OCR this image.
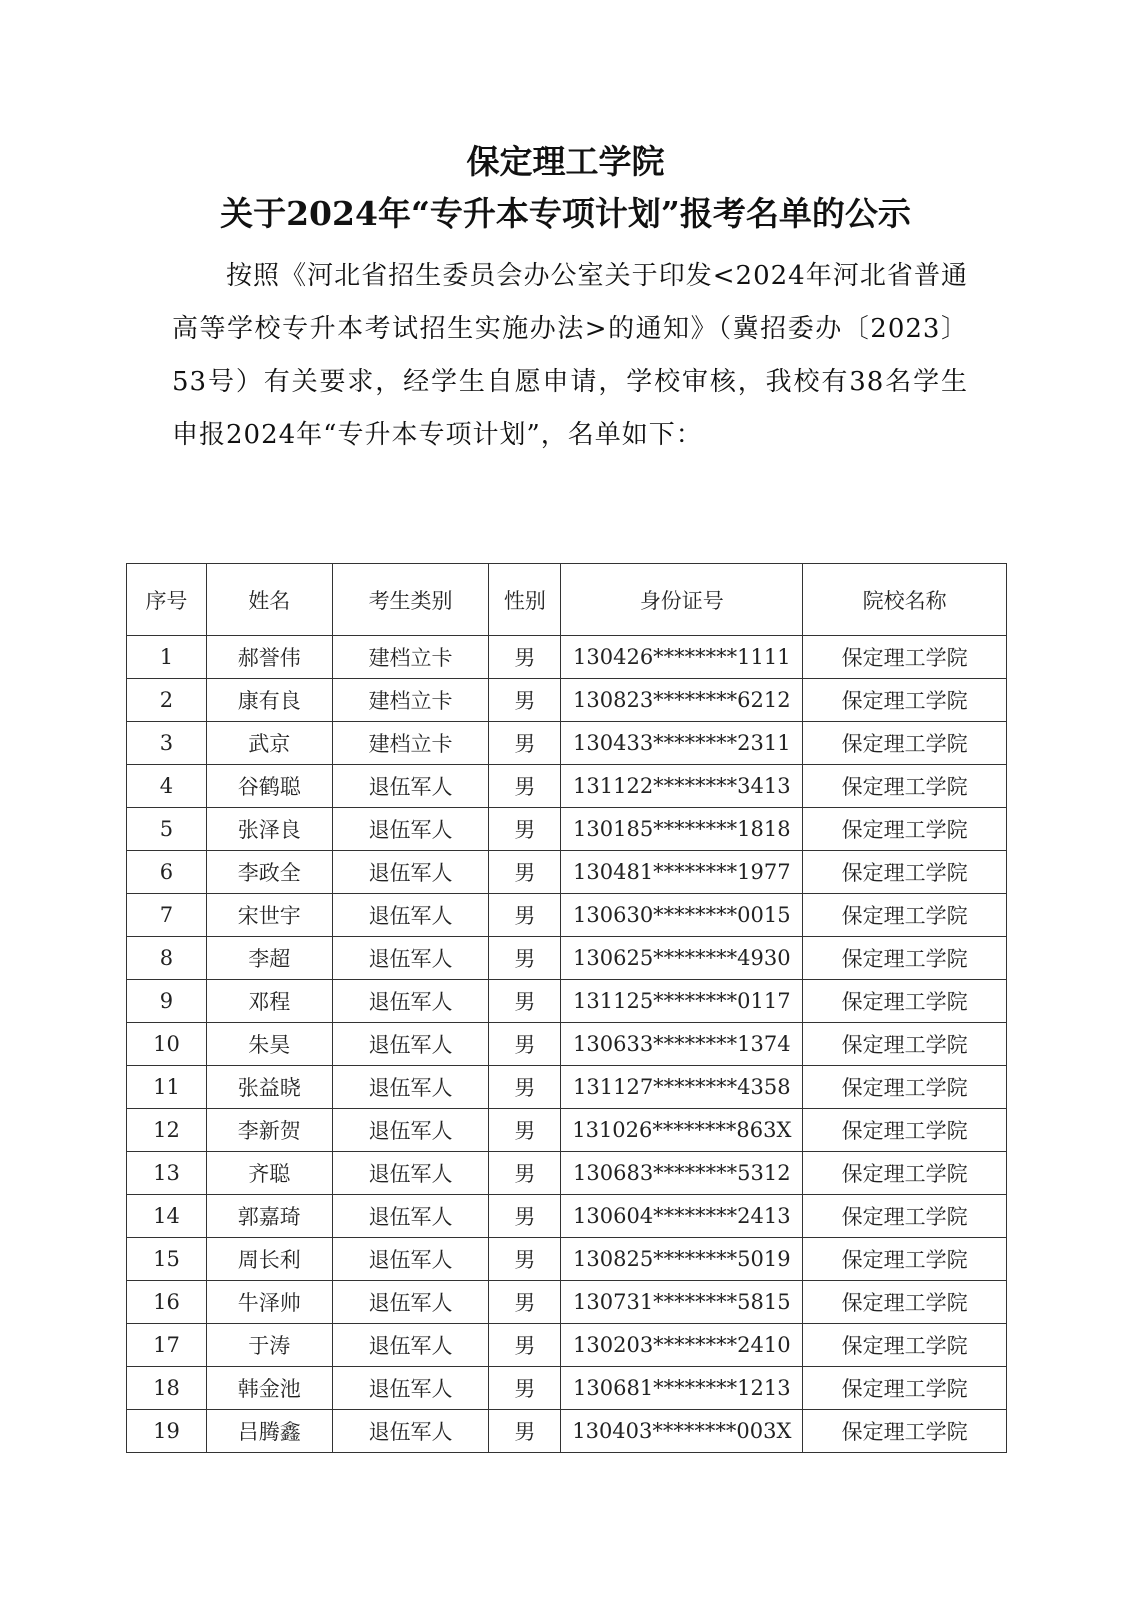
保定理工学院
关于2024年“专升本专项计划”报考名单的公示
按照《河北省招生委员会办公室关于印发<2024年河北省普通高等学校专升本考试招生实施办法>的通知》（冀招委办〔2023〕53号）有关要求，经学生自愿申请，学校审核，我校有38名学生申报2024年“专升本专项计划”，名单如下：
序号	姓名	考生类别	性别	身份证号	院校名称
1	郝誉伟	建档立卡	男	130426********1111	保定理工学院
2	康有良	建档立卡	男	130823********6212	保定理工学院
3	武京	建档立卡	男	130433********2311	保定理工学院
4	谷鹤聪	退伍军人	男	131122********3413	保定理工学院
5	张泽良	退伍军人	男	130185********1818	保定理工学院
6	李政全	退伍军人	男	130481********1977	保定理工学院
7	宋世宇	退伍军人	男	130630********0015	保定理工学院
8	李超	退伍军人	男	130625********4930	保定理工学院
9	邓程	退伍军人	男	131125********0117	保定理工学院
10	朱昊	退伍军人	男	130633********1374	保定理工学院
11	张益晓	退伍军人	男	131127********4358	保定理工学院
12	李新贺	退伍军人	男	131026********863X	保定理工学院
13	齐聪	退伍军人	男	130683********5312	保定理工学院
14	郭嘉琦	退伍军人	男	130604********2413	保定理工学院
15	周长利	退伍军人	男	130825********5019	保定理工学院
16	牛泽帅	退伍军人	男	130731********5815	保定理工学院
17	于涛	退伍军人	男	130203********2410	保定理工学院
18	韩金池	退伍军人	男	130681********1213	保定理工学院
19	吕腾鑫	退伍军人	男	130403********003X	保定理工学院
